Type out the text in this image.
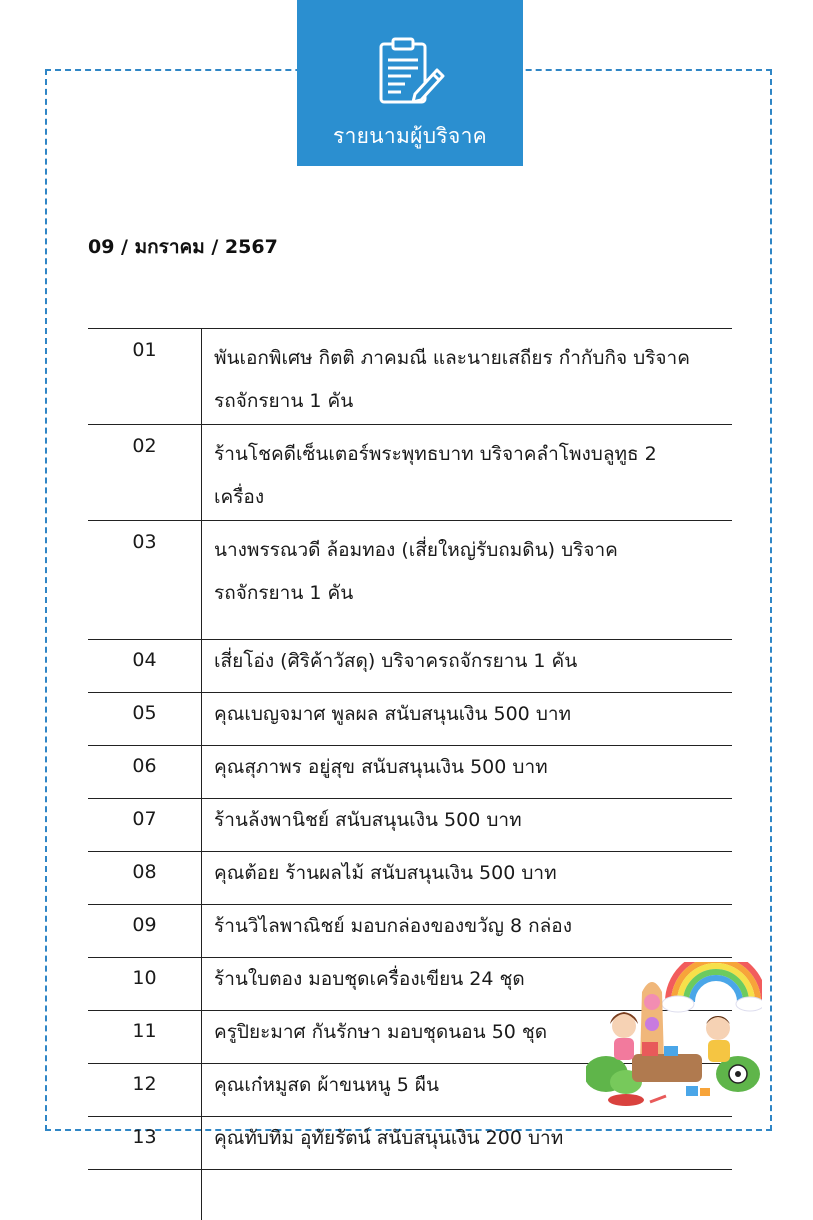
รายนามผู้บริจาค
09 / มกราคม / 2567
01	พันเอกพิเศษ กิตติ ภาคมณี และนายเสถียร กำกับกิจ บริจาค
รถจักรยาน 1 คัน

02	ร้านโชคดีเซ็นเตอร์พระพุทธบาท บริจาคลำโพงบลูทูธ 2
เครื่อง

03	นางพรรณวดี ล้อมทอง (เสี่ยใหญ่รับถมดิน) บริจาค
รถจักรยาน 1 คัน

04	เสี่ยโอ่ง (ศิริค้าวัสดุ) บริจาครถจักรยาน 1 คัน
05	คุณเบญจมาศ พูลผล สนับสนุนเงิน 500 บาท
06	คุณสุภาพร อยู่สุข สนับสนุนเงิน 500 บาท
07	ร้านล้งพานิชย์ สนับสนุนเงิน 500 บาท
08	คุณต้อย ร้านผลไม้ สนับสนุนเงิน 500 บาท
09	ร้านวิไลพาณิชย์ มอบกล่องของขวัญ 8 กล่อง
10	ร้านใบตอง มอบชุดเครื่องเขียน 24 ชุด
11	ครูปิยะมาศ กันรักษา มอบชุดนอน 50 ชุด
12	คุณเก๋หมูสด ผ้าขนหนู 5 ผืน
13	คุณทับทิม อุทัยรัตน์ สนับสนุนเงิน 200 บาท
